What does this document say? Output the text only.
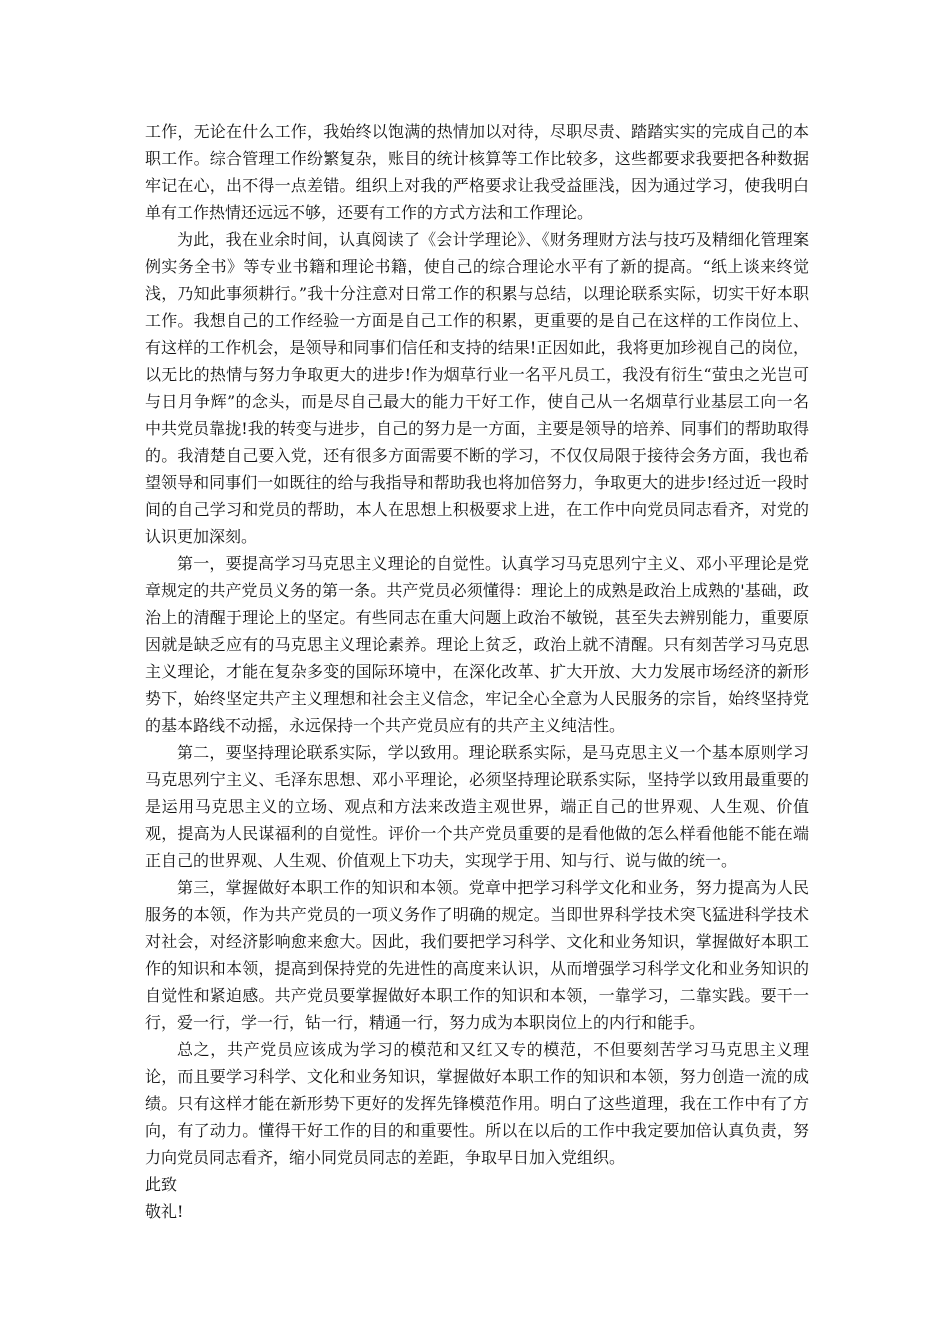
工作，无论在什么工作，我始终以饱满的热情加以对待，尽职尽责、踏踏实实的完成自己的本职工作。综合管理工作纷繁复杂，账目的统计核算等工作比较多，这些都要求我要把各种数据牢记在心，出不得一点差错。组织上对我的严格要求让我受益匪浅，因为通过学习，使我明白单有工作热情还远远不够，还要有工作的方式方法和工作理论。

为此，我在业余时间，认真阅读了《会计学理论》、《财务理财方法与技巧及精细化管理案例实务全书》等专业书籍和理论书籍，使自己的综合理论水平有了新的提高。“纸上谈来终觉浅，乃知此事须耕行。”我十分注意对日常工作的积累与总结，以理论联系实际，切实干好本职工作。我想自己的工作经验一方面是自己工作的积累，更重要的是自己在这样的工作岗位上、有这样的工作机会，是领导和同事们信任和支持的结果!正因如此，我将更加珍视自己的岗位，以无比的热情与努力争取更大的进步!作为烟草行业一名平凡员工，我没有衍生“萤虫之光岂可与日月争辉”的念头，而是尽自己最大的能力干好工作，使自己从一名烟草行业基层工向一名中共党员靠拢!我的转变与进步，自己的努力是一方面，主要是领导的培养、同事们的帮助取得的。我清楚自己要入党，还有很多方面需要不断的学习，不仅仅局限于接待会务方面，我也希望领导和同事们一如既往的给与我指导和帮助我也将加倍努力，争取更大的进步!经过近一段时间的自己学习和党员的帮助，本人在思想上积极要求上进，在工作中向党员同志看齐，对党的认识更加深刻。

第一，要提高学习马克思主义理论的自觉性。认真学习马克思列宁主义、邓小平理论是党章规定的共产党员义务的第一条。共产党员必须懂得：理论上的成熟是政治上成熟的'基础，政治上的清醒于理论上的坚定。有些同志在重大问题上政治不敏锐，甚至失去辨别能力，重要原因就是缺乏应有的马克思主义理论素养。理论上贫乏，政治上就不清醒。只有刻苦学习马克思主义理论，才能在复杂多变的国际环境中，在深化改革、扩大开放、大力发展市场经济的新形势下，始终坚定共产主义理想和社会主义信念，牢记全心全意为人民服务的宗旨，始终坚持党的基本路线不动摇，永远保持一个共产党员应有的共产主义纯洁性。

第二，要坚持理论联系实际，学以致用。理论联系实际，是马克思主义一个基本原则学习马克思列宁主义、毛泽东思想、邓小平理论，必须坚持理论联系实际，坚持学以致用最重要的是运用马克思主义的立场、观点和方法来改造主观世界，端正自己的世界观、人生观、价值观，提高为人民谋福利的自觉性。评价一个共产党员重要的是看他做的怎么样看他能不能在端正自己的世界观、人生观、价值观上下功夫，实现学于用、知与行、说与做的统一。

第三，掌握做好本职工作的知识和本领。党章中把学习科学文化和业务，努力提高为人民服务的本领，作为共产党员的一项义务作了明确的规定。当即世界科学技术突飞猛进科学技术对社会，对经济影响愈来愈大。因此，我们要把学习科学、文化和业务知识，掌握做好本职工作的知识和本领，提高到保持党的先进性的高度来认识，从而增强学习科学文化和业务知识的自觉性和紧迫感。共产党员要掌握做好本职工作的知识和本领，一靠学习，二靠实践。要干一行，爱一行，学一行，钻一行，精通一行，努力成为本职岗位上的内行和能手。

总之，共产党员应该成为学习的模范和又红又专的模范，不但要刻苦学习马克思主义理论，而且要学习科学、文化和业务知识，掌握做好本职工作的知识和本领，努力创造一流的成绩。只有这样才能在新形势下更好的发挥先锋模范作用。明白了这些道理，我在工作中有了方向，有了动力。懂得干好工作的目的和重要性。所以在以后的工作中我定要加倍认真负责，努力向党员同志看齐，缩小同党员同志的差距，争取早日加入党组织。

此致

敬礼!
